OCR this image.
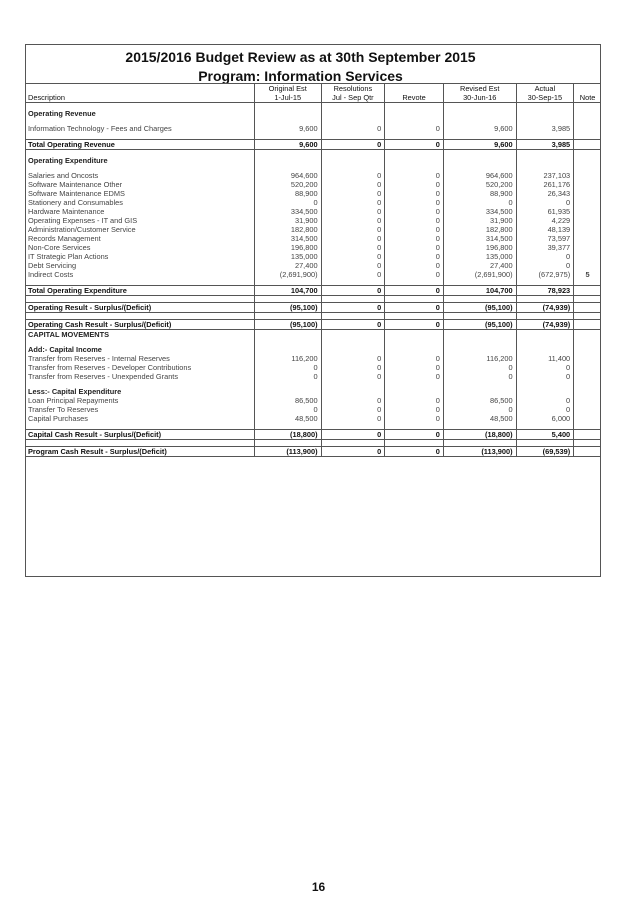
2015/2016 Budget Review as at 30th September 2015
Program: Information Services
	Original Est	Resolutions		Revised Est	Actual	
Description	1-Jul-15	Jul - Sep Qtr	Revote	30-Jun-16	30-Sep-15	Note

Operating Revenue						

Information Technology - Fees and Charges	9,600	0	0	9,600	3,985	

Total Operating Revenue	9,600	0	0	9,600	3,985	

Operating Expenditure						

Salaries and Oncosts	964,600	0	0	964,600	237,103	
Software Maintenance Other	520,200	0	0	520,200	261,176	
Software Maintenance EDMS	88,900	0	0	88,900	26,343	
Stationery and Consumables	0	0	0	0	0	
Hardware Maintenance	334,500	0	0	334,500	61,935	
Operating Expenses - IT and GIS	31,900	0	0	31,900	4,229	
Administration/Customer Service	182,800	0	0	182,800	48,139	
Records Management	314,500	0	0	314,500	73,597	
Non-Core Services	196,800	0	0	196,800	39,377	
IT Strategic Plan Actions	135,000	0	0	135,000	0	
Debt Servicing	27,400	0	0	27,400	0	
Indirect Costs	(2,691,900)	0	0	(2,691,900)	(672,975)	5

Total Operating Expenditure	104,700	0	0	104,700	78,923	

Operating Result - Surplus/(Deficit)	(95,100)	0	0	(95,100)	(74,939)	

Operating Cash Result - Surplus/(Deficit)	(95,100)	0	0	(95,100)	(74,939)	
CAPITAL MOVEMENTS						

Add:- Capital Income						
Transfer from Reserves - Internal Reserves	116,200	0	0	116,200	11,400	
Transfer from Reserves - Developer Contributions	0	0	0	0	0	
Transfer from Reserves - Unexpended Grants	0	0	0	0	0	

Less:- Capital Expenditure						
Loan Principal Repayments	86,500	0	0	86,500	0	
Transfer To Reserves	0	0	0	0	0	
Capital Purchases	48,500	0	0	48,500	6,000	

Capital Cash Result - Surplus/(Deficit)	(18,800)	0	0	(18,800)	5,400	

Program Cash Result - Surplus/(Deficit)	(113,900)	0	0	(113,900)	(69,539)	
16
